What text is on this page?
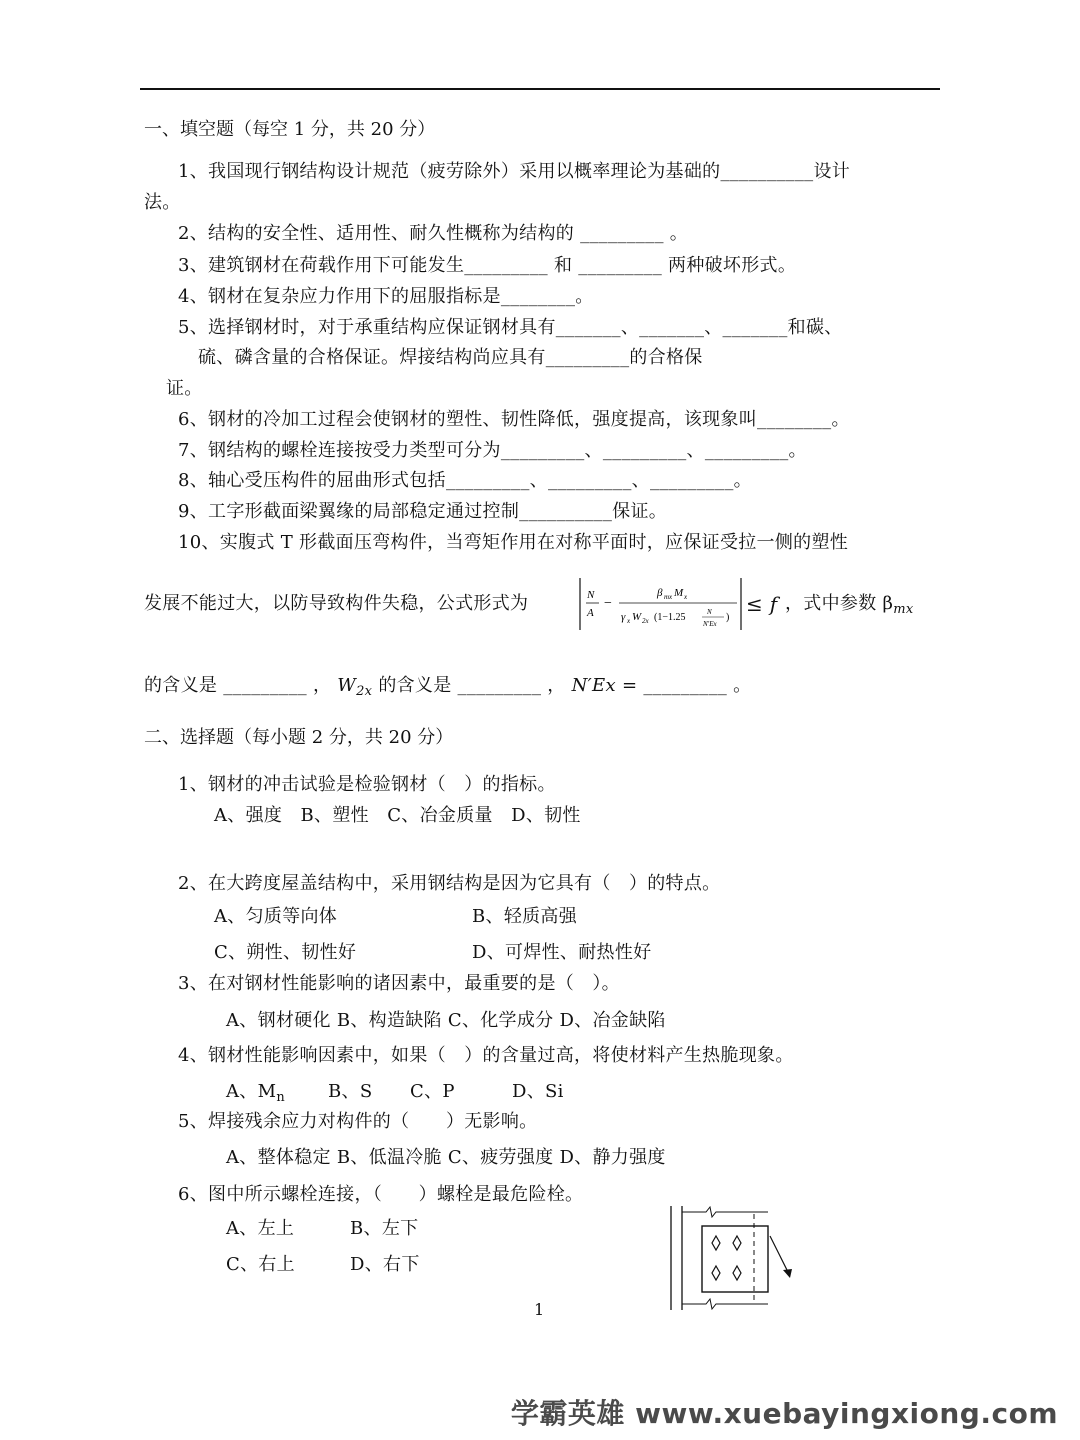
一、填空题（每空 1 分，共 20 分）
1、我国现行钢结构设计规范（疲劳除外）采用以概率理论为基础的__________设计
法。
2、结构的安全性、适用性、耐久性概称为结构的 _________ 。
3、建筑钢材在荷载作用下可能发生_________ 和 _________ 两种破坏形式。
4、钢材在复杂应力作用下的屈服指标是________。
5、选择钢材时，对于承重结构应保证钢材具有_______、_______、_______和碳、
硫、磷含量的合格保证。焊接结构尚应具有_________的合格保
证。
6、钢材的冷加工过程会使钢材的塑性、韧性降低，强度提高，该现象叫________。
7、钢结构的螺栓连接按受力类型可分为_________、_________、_________。
8、轴心受压构件的屈曲形式包括_________、_________、_________。
9、工字形截面梁翼缘的局部稳定通过控制__________保证。
10、实腹式 T 形截面压弯构件，当弯矩作用在对称平面时，应保证受拉一侧的塑性
发展不能过大，以防导致构件失稳，公式形式为	N
A
−
β mx M x
γ x W 2x (1−1.25	N
N′Ex
)
≤ f ，式中参数 $\beta_{mx}$
的含义是 _________ ， $W_{2x}$ 的含义是 _________ ， N′Ex = _________ 。
二、选择题（每小题 2 分，共 20 分）
1、钢材的冲击试验是检验钢材（　）的指标。
A、强度　B、塑性　C、冶金质量　D、韧性
2、在大跨度屋盖结构中，采用钢结构是因为它具有（　）的特点。
A、匀质等向体	B、轻质高强
C、朔性、韧性好	D、可焊性、耐热性好
3、在对钢材性能影响的诸因素中，最重要的是（　）。
A、钢材硬化 B、构造缺陷 C、化学成分 D、冶金缺陷
4、钢材性能影响因素中，如果（　）的含量过高，将使材料产生热脆现象。
A、$M_n$ B、S C、P	D、Si
5、焊接残余应力对构件的（　　）无影响。
A、整体稳定 B、低温冷脆 C、疲劳强度 D、静力强度
6、图中所示螺栓连接，（　　）螺栓是最危险栓。
A、左上	B、左下
C、右上	D、右下
1
学霸英雄 www.xuebayingxiong.com
